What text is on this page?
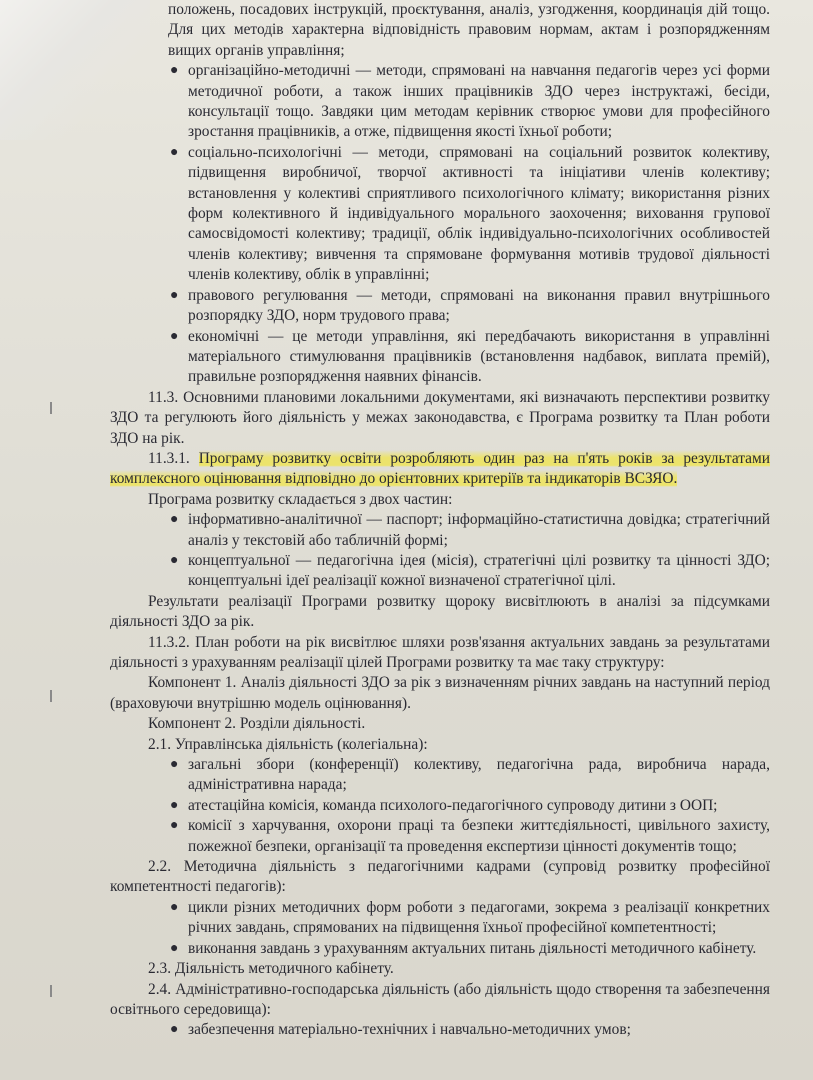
положень, посадових інструкцій, проєктування, аналіз, узгодження, координація дій тощо. Для цих методів характерна відповідність правовим нормам, актам і розпорядженням вищих органів управління;

● організаційно-методичні — методи, спрямовані на навчання педагогів через усі форми методичної роботи, а також інших працівників ЗДО через інструктажі, бесіди, консультації тощо. Завдяки цим методам керівник створює умови для професійного зростання працівників, а отже, підвищення якості їхньої роботи;
● соціально-психологічні — методи, спрямовані на соціальний розвиток колективу, підвищення виробничої, творчої активності та ініціативи членів колективу; встановлення у колективі сприятливого психологічного клімату; використання різних форм колективного й індивідуального морального заохочення; виховання групової самосвідомості колективу; традиції, облік індивідуально-психологічних особливостей членів колективу; вивчення та спрямоване формування мотивів трудової діяльності членів колективу, облік в управлінні;
● правового регулювання — методи, спрямовані на виконання правил внутрішнього розпорядку ЗДО, норм трудового права;
● економічні — це методи управління, які передбачають використання в управлінні матеріального стимулювання працівників (встановлення надбавок, виплата премій), правильне розпорядження наявних фінансів.

11.3. Основними плановими локальними документами, які визначають перспективи розвитку ЗДО та регулюють його діяльність у межах законодавства, є Програма розвитку та План роботи ЗДО на рік.

11.3.1. Програму розвитку освіти розробляють один раз на п'ять років за результатами комплексного оцінювання відповідно до орієнтовних критеріїв та індикаторів ВСЗЯО.

Програма розвитку складається з двох частин:

● інформативно-аналітичної — паспорт; інформаційно-статистична довідка; стратегічний аналіз у текстовій або табличній формі;
● концептуальної — педагогічна ідея (місія), стратегічні цілі розвитку та цінності ЗДО; концептуальні ідеї реалізації кожної визначеної стратегічної цілі.

Результати реалізації Програми розвитку щороку висвітлюють в аналізі за підсумками діяльності ЗДО за рік.

11.3.2. План роботи на рік висвітлює шляхи розв'язання актуальних завдань за результатами діяльності з урахуванням реалізації цілей Програми розвитку та має таку структуру:

Компонент 1. Аналіз діяльності ЗДО за рік з визначенням річних завдань на наступний період (враховуючи внутрішню модель оцінювання).

Компонент 2. Розділи діяльності.

2.1. Управлінська діяльність (колегіальна):

● загальні збори (конференції) колективу, педагогічна рада, виробнича нарада, адміністративна нарада;
● атестаційна комісія, команда психолого-педагогічного супроводу дитини з ООП;
● комісії з харчування, охорони праці та безпеки життєдіяльності, цивільного захисту, пожежної безпеки, організації та проведення експертизи цінності документів тощо;

2.2. Методична діяльність з педагогічними кадрами (супровід розвитку професійної компетентності педагогів):

● цикли різних методичних форм роботи з педагогами, зокрема з реалізації конкретних річних завдань, спрямованих на підвищення їхньої професійної компетентності;
● виконання завдань з урахуванням актуальних питань діяльності методичного кабінету.

2.3. Діяльність методичного кабінету.

2.4. Адміністративно-господарська діяльність (або діяльність щодо створення та забезпечення освітнього середовища):

● забезпечення матеріально-технічних і навчально-методичних умов;
